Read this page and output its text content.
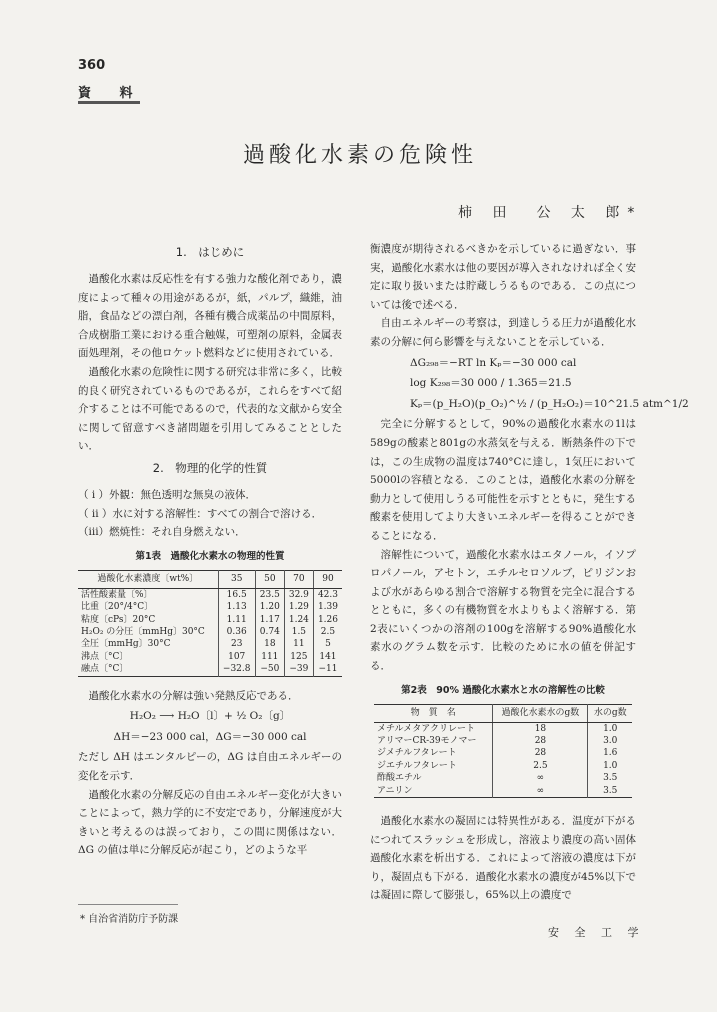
360
資 料
過酸化水素の危険性
柿 田　公 太 郎*
1.　はじめに

過酸化水素は反応性を有する強力な酸化剤であり，濃度によって種々の用途があるが，紙，パルプ，織維，油脂，食品などの漂白剤，各種有機合成薬品の中間原料，合成樹脂工業における重合触媒，可塑剤の原料，金属表面処理剤，その他ロケット燃料などに使用されている．

過酸化水素の危険性に関する研究は非常に多く，比較的良く研究されているものであるが，これらをすべて紹介することは不可能であるので，代表的な文献から安全に関して留意すべき諸問題を引用してみることとしたい．

2.　物理的化学的性質

（ i ）外観：無色透明な無臭の液体．

（ ii ）水に対する溶解性：すべての割合で溶ける．

（iii）燃焼性：それ自身燃えない．

第1表　過酸化水素水の物理的性質
過酸化水素濃度〔wt%〕	35	50	70	90
活性酸素量〔%〕	16.5	23.5	32.9	42.3
比重〔20°/4°C〕	1.13	1.20	1.29	1.39
粘度〔cPs〕20°C	1.11	1.17	1.24	1.26
H₂O₂ の分圧〔mmHg〕30°C	0.36	0.74	1.5	2.5
全圧〔mmHg〕30°C	23	18	11	5
沸点〔°C〕	107	111	125	141
融点〔°C〕	−32.8	−50	−39	−11

過酸化水素水の分解は強い発熱反応である．

H₂O₂ ⟶ H₂O〔l〕+ ½ O₂〔g〕

ΔH＝−23 000 cal，ΔG＝−30 000 cal

ただし ΔH はエンタルピーの，ΔG は自由エネルギーの変化を示す．

過酸化水素の分解反応の自由エネルギー変化が大きいことによって，熱力学的に不安定であり，分解速度が大きいと考えるのは誤っており，この間に関係はない．ΔG の値は単に分解反応が起こり，どのような平

衡濃度が期待されるべきかを示しているに過ぎない．事実，過酸化水素水は他の要因が導入されなければ全く安定に取り扱いまたは貯蔵しうるものである．この点については後で述べる．

自由エネルギーの考察は，到達しうる圧力が過酸化水素の分解に何ら影響を与えないことを示している．

ΔG₂₉₈＝−RT ln Kₚ＝−30 000 cal

log K₂₉₈＝30 000 / 1.365＝21.5

Kₚ＝(p_H₂O)(p_O₂)^½ / (p_H₂O₂)＝10^21.5 atm^1/2

完全に分解するとして，90%の過酸化水素水の1lは589gの酸素と801gの水蒸気を与える．断熱条件の下では，この生成物の温度は740°Cに達し，1気圧において5000lの容積となる．このことは，過酸化水素の分解を動力として使用しうる可能性を示すとともに，発生する酸素を使用してより大きいエネルギーを得ることができることになる．

溶解性について，過酸化水素水はエタノール，イソプロパノール，アセトン，エチルセロソルブ，ピリジンおよび水があらゆる割合で溶解する物質を完全に混合するとともに，多くの有機物質を水よりもよく溶解する．第2表にいくつかの溶剤の100gを溶解する90%過酸化水素水のグラム数を示す．比較のために水の値を併記する．

第2表　90% 過酸化水素水と水の溶解性の比較
物　質　名	過酸化水素水のg数	水のg数
メチルメタアクリレート	18	1.0
アリマーCR-39モノマー	28	3.0
ジメチルフタレート	28	1.6
ジエチルフタレート	2.5	1.0
酢酸エチル	∞	3.5
アニリン	∞	3.5

過酸化水素水の凝固には特異性がある．温度が下がるにつれてスラッシュを形成し，溶液より濃度の高い固体過酸化水素を析出する．これによって溶液の濃度は下がり，凝固点も下がる．過酸化水素水の濃度が45%以下では凝固に際して膨張し，65%以上の濃度で

* 自治省消防庁予防課
安 全 工 学
